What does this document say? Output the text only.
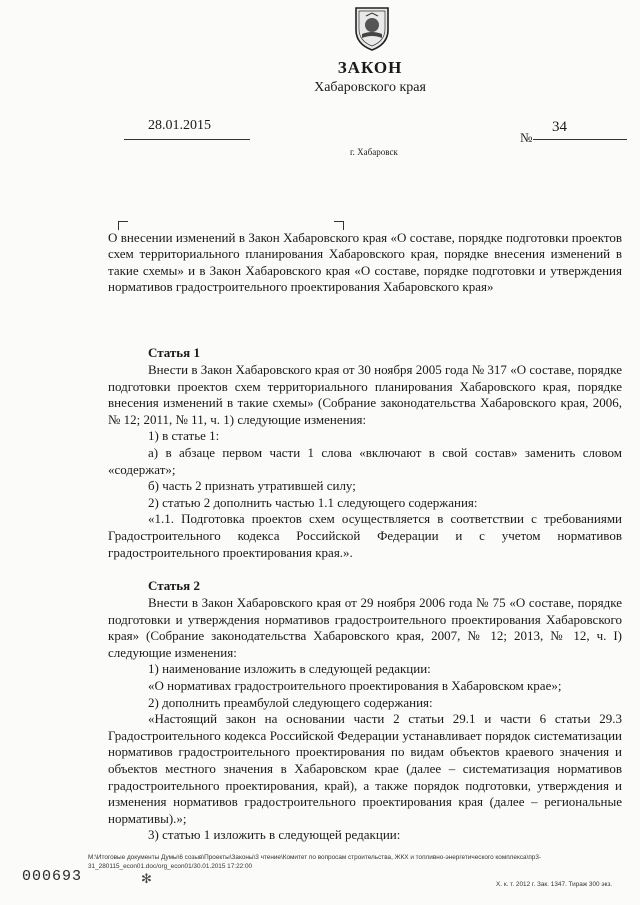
ЗАКОН
Хабаровского края
28.01.2015
№
34
г. Хабаровск
О внесении изменений в Закон Хабаровского края «О составе, порядке подготовки проектов схем территориального планирования Хабаровского края, порядке внесения изменений в такие схемы» и в Закон Хабаровского края «О составе, порядке подготовки и утверждения нормативов градостроительного проектирования Хабаровского края»
Статья 1

Внести в Закон Хабаровского края от 30 ноября 2005 года № 317 «О составе, порядке подготовки проектов схем территориального планирования Хабаровского края, порядке внесения изменений в такие схемы» (Собрание законодательства Хабаровского края, 2006, № 12; 2011, № 11, ч. 1) следующие изменения:

1) в статье 1:

а) в абзаце первом части 1 слова «включают в свой состав» заменить словом «содержат»;

б) часть 2 признать утратившей силу;

2) статью 2 дополнить частью 1.1 следующего содержания:

«1.1. Подготовка проектов схем осуществляется в соответствии с требованиями Градостроительного кодекса Российской Федерации и с учетом нормативов градостроительного проектирования края.».

Статья 2

Внести в Закон Хабаровского края от 29 ноября 2006 года № 75 «О составе, порядке подготовки и утверждения нормативов градостроительного проектирования Хабаровского края» (Собрание законодательства Хабаровского края, 2007, № 12; 2013, № 12, ч. I) следующие изменения:

1) наименование изложить в следующей редакции:

«О нормативах градостроительного проектирования в Хабаровском крае»;

2) дополнить преамбулой следующего содержания:

«Настоящий закон на основании части 2 статьи 29.1 и части 6 статьи 29.3 Градостроительного кодекса Российской Федерации устанавливает порядок систематизации нормативов градостроительного проектирования по видам объектов краевого значения и объектов местного значения в Хабаровском крае (далее – систематизация нормативов градостроительного проектирования, край), а также порядок подготовки, утверждения и изменения нормативов градостроительного проектирования края (далее – региональные нормативы).»;

3) статью 1 изложить в следующей редакции:

М:\Итоговые документы Думы\6 созыв\Проекты\Законы\3 чтение\Комитет по вопросам строительства, ЖКХ и топливно-энергетического комплекса\пр3-
31_280115_econ01.doc/org_econ01/30.01.2015 17:22:00
000693	✻	Х. к. т. 2012 г. Зак. 1347. Тираж 300 экз.
